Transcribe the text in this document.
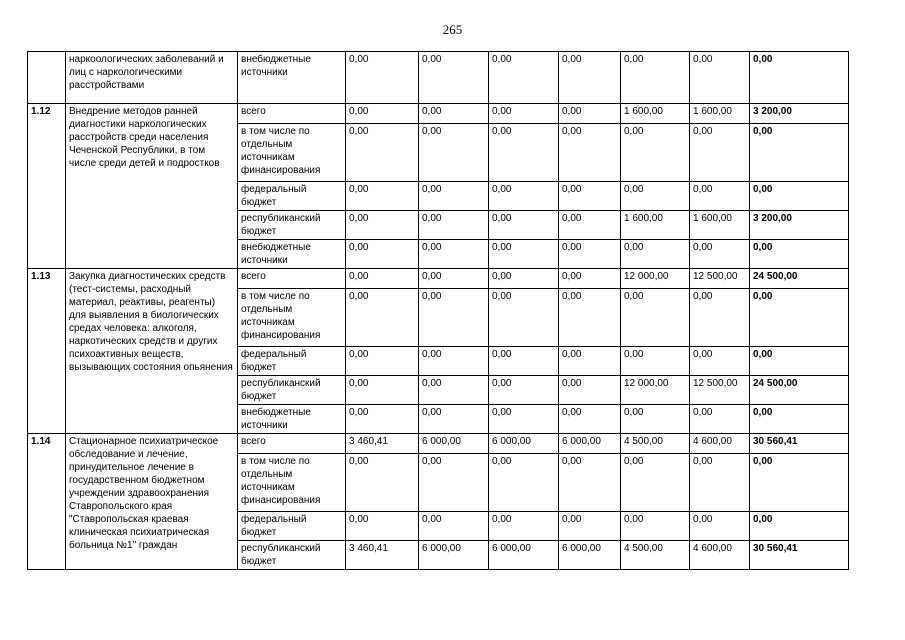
265
	наркоологических заболеваний и лиц с наркологическими расстройствами	внебюджетные источники	0,00	0,00	0,00	0,00	0,00	0,00	0,00
1.12	Внедрение методов ранней диагностики наркологических расстройств среди населения Чеченской Республики, в том числе среди детей и подростков	всего	0,00	0,00	0,00	0,00	1 600,00	1 600,00	3 200,00
		в том числе по отдельным источникам финансирования	0,00	0,00	0,00	0,00	0,00	0,00	0,00
		федеральный бюджет	0,00	0,00	0,00	0,00	0,00	0,00	0,00
		республиканский бюджет	0,00	0,00	0,00	0,00	1 600,00	1 600,00	3 200,00
		внебюджетные источники	0,00	0,00	0,00	0,00	0,00	0,00	0,00
1.13	Закупка диагностических средств (тест-системы, расходный материал, реактивы, реагенты) для выявления в биологических средах человека: алкоголя, наркотических средств и других психоактивных веществ, вызывающих состояния опьянения	всего	0,00	0,00	0,00	0,00	12 000,00	12 500,00	24 500,00
		в том числе по отдельным источникам финансирования	0,00	0,00	0,00	0,00	0,00	0,00	0,00
		федеральный бюджет	0,00	0,00	0,00	0,00	0,00	0,00	0,00
		республиканский бюджет	0,00	0,00	0,00	0,00	12 000,00	12 500,00	24 500,00
		внебюджетные источники	0,00	0,00	0,00	0,00	0,00	0,00	0,00
1.14	Стационарное психиатрическое обследование и лечение, принудительное лечение в государственном бюджетном учреждении здравоохранения Ставропольского края "Ставропольская краевая клиническая психиатрическая больница №1" граждан	всего	3 460,41	6 000,00	6 000,00	6 000,00	4 500,00	4 600,00	30 560,41
		в том числе по отдельным источникам финансирования	0,00	0,00	0,00	0,00	0,00	0,00	0,00
		федеральный бюджет	0,00	0,00	0,00	0,00	0,00	0,00	0,00
		республиканский бюджет	3 460,41	6 000,00	6 000,00	6 000,00	4 500,00	4 600,00	30 560,41
